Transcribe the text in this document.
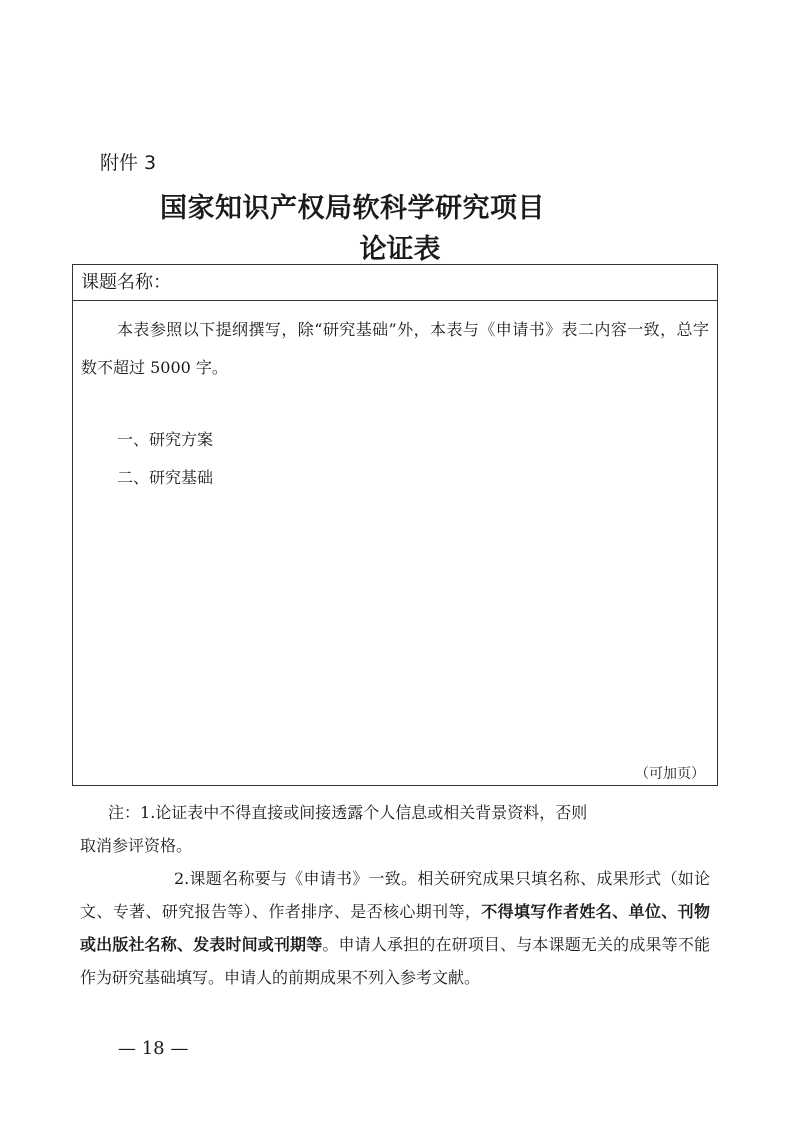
附件 3
国家知识产权局软科学研究项目
论证表
课题名称：
本表参照以下提纲撰写，除“研究基础”外，本表与《申请书》表二内容一致，总字数不超过 5000 字。
一、研究方案
二、研究基础
（可加页）

注：1.论证表中不得直接或间接透露个人信息或相关背景资料，否则
取消参评资格。

2.课题名称要与《申请书》一致。相关研究成果只填名称、成果形式（如论文、专著、研究报告等）、作者排序、是否核心期刊等，不得填写作者姓名、单位、刊物或出版社名称、发表时间或刊期等。申请人承担的在研项目、与本课题无关的成果等不能作为研究基础填写。申请人的前期成果不列入参考文献。

— 18 —
